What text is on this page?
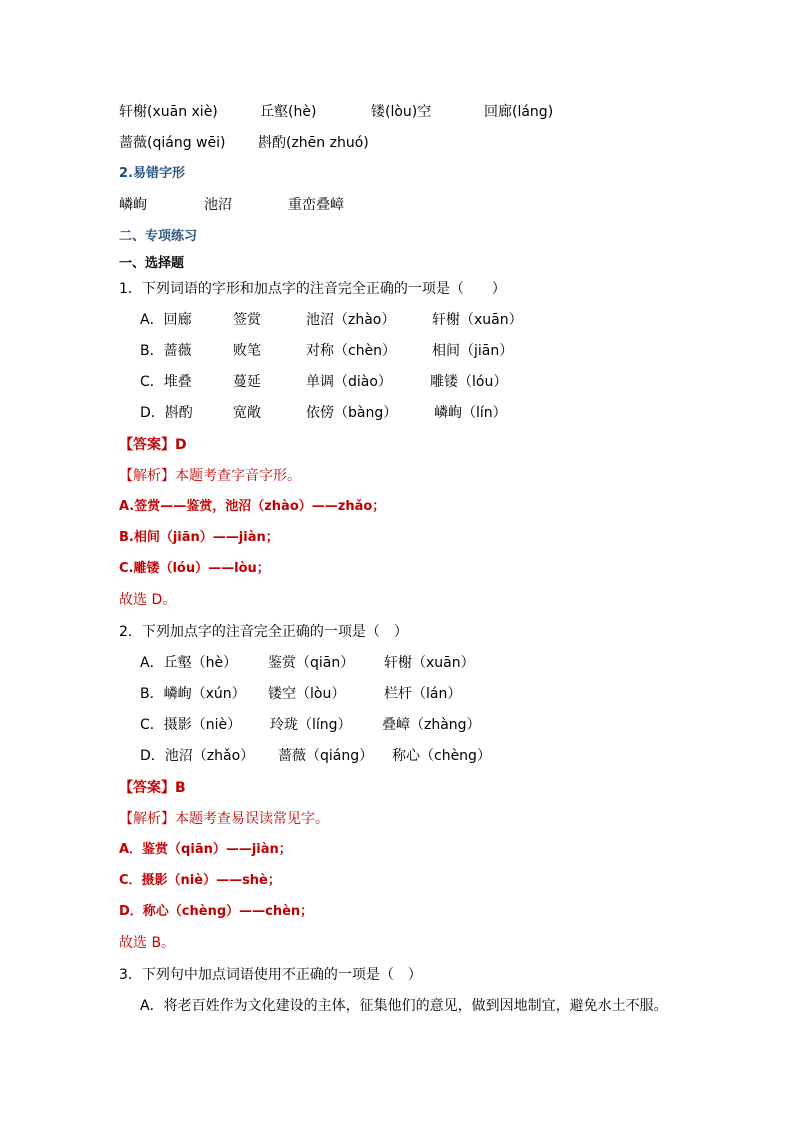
轩榭(xuān xiè)	丘壑(hè)	镂(lòu)空	回廊(láng)
蔷薇(qiáng wēi) 斟酌(zhēn zhuó)
2.易错字形
嶙峋	池沼	重峦叠嶂
二、专项练习
一、选择题
1．下列词语的字形和加点字的注音完全正确的一项是（　　）
A．回廊	签赏	池沼（zhào）	轩榭（xuān）
B．蔷薇	败笔	对称（chèn）	相间（jiān）
C．堆叠	蔓延	单调（diào）	雕镂（lóu）
D．斟酌	宽敞	依傍（bàng）	嶙峋（lín）
【答案】D
【解析】本题考查字音字形。
A.签赏——鉴赏，池沼（zhào）——zhǎo；
B.相间（jiān）——jiàn；
C.雕镂（lóu）——lòu；
故选 D。
2．下列加点字的注音完全正确的一项是（　）
A．丘壑（hè） 鉴赏（qiān） 轩榭（xuān）
B．嶙峋（xún） 镂空（lòu）	栏杆（lán）
C．摄影（niè） 玲珑（líng） 叠嶂（zhàng）
D．池沼（zhǎo） 蔷薇（qiáng） 称心（chèng）
【答案】B
【解析】本题考查易误读常见字。
A．鉴赏（qiān）——jiàn；
C．摄影（niè）——shè；
D．称心（chèng）——chèn；
故选 B。
3．下列句中加点词语使用不正确的一项是（　）
A．将老百姓作为文化建设的主体，征集他们的意见，做到因地制宜，避免水土不服。
